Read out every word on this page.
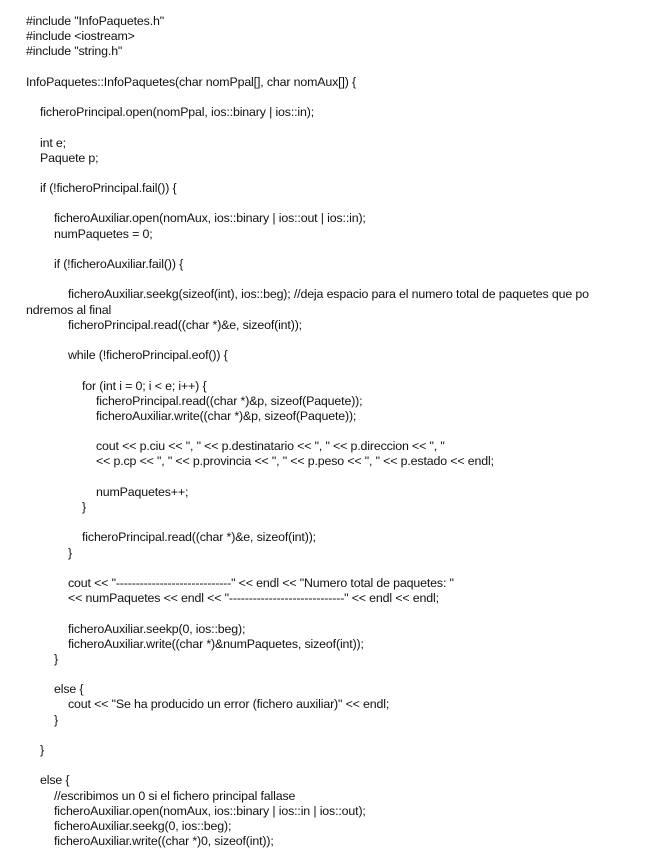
#include "InfoPaquetes.h"
#include <iostream>
#include "string.h"
InfoPaquetes::InfoPaquetes(char nomPpal[], char nomAux[]) {
ficheroPrincipal.open(nomPpal, ios::binary | ios::in);
int e;
Paquete p;
if (!ficheroPrincipal.fail()) {
ficheroAuxiliar.open(nomAux, ios::binary | ios::out | ios::in);
numPaquetes = 0;
if (!ficheroAuxiliar.fail()) {
ficheroAuxiliar.seekg(sizeof(int), ios::beg); //deja espacio para el numero total de paquetes que po
ndremos al final
ficheroPrincipal.read((char *)&e, sizeof(int));
while (!ficheroPrincipal.eof()) {
for (int i = 0; i < e; i++) {
ficheroPrincipal.read((char *)&p, sizeof(Paquete));
ficheroAuxiliar.write((char *)&p, sizeof(Paquete));
cout << p.ciu << ", " << p.destinatario << ", " << p.direccion << ", "
<< p.cp << ", " << p.provincia << ", " << p.peso << ", " << p.estado << endl;
numPaquetes++;
}
ficheroPrincipal.read((char *)&e, sizeof(int));
}
cout << "-----------------------------" << endl << "Numero total de paquetes: "
<< numPaquetes << endl << "-----------------------------" << endl << endl;
ficheroAuxiliar.seekp(0, ios::beg);
ficheroAuxiliar.write((char *)&numPaquetes, sizeof(int));
}
else {
cout << "Se ha producido un error (fichero auxiliar)" << endl;
}
}
else {
//escribimos un 0 si el fichero principal fallase
ficheroAuxiliar.open(nomAux, ios::binary | ios::in | ios::out);
ficheroAuxiliar.seekg(0, ios::beg);
ficheroAuxiliar.write((char *)0, sizeof(int));
